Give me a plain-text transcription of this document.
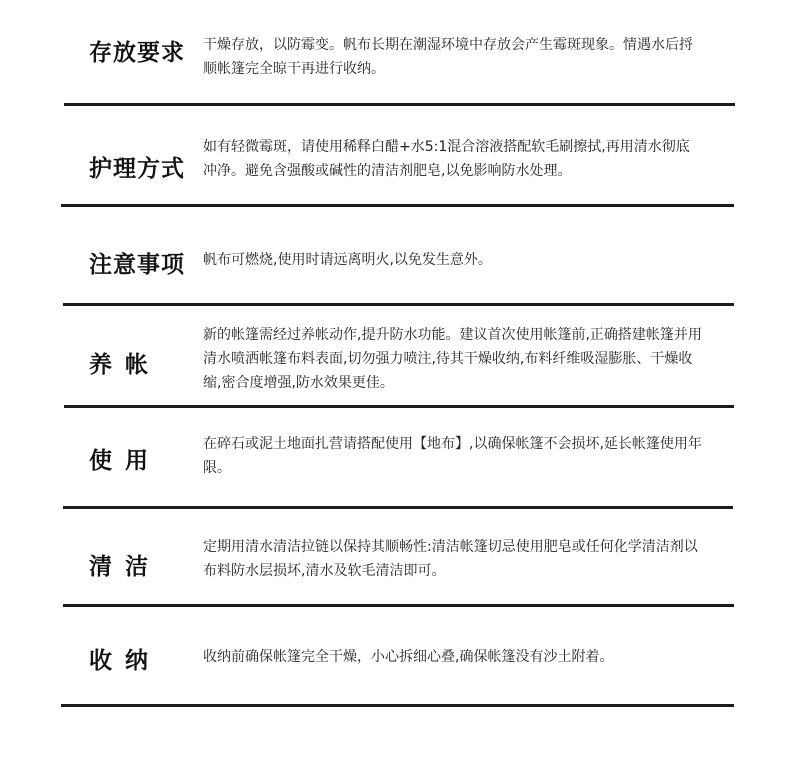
存放要求 干燥存放，以防霉变。帆布长期在潮湿环境中存放会产生霉斑现象。情遇水后捋顺帐篷完全晾干再进行收纳。
护理方式
如有轻微霉斑，请使用稀释白醋+水5:1混合溶液搭配软毛刷擦拭,再用清水彻底冲净。避免含强酸或碱性的清洁剂肥皂,以免影响防水处理。
注意事项 帆布可燃烧,使用时请远离明火,以免发生意外。
养帐
新的帐篷需经过养帐动作,提升防水功能。建议首次使用帐篷前,正确搭建帐篷并用清水喷洒帐篷布料表面,切勿强力喷注,待其干燥收纳,布料纤维吸湿膨胀、干燥收缩,密合度增强,防水效果更佳。
使用
在碎石或泥土地面扎营请搭配使用【地布】,以确保帐篷不会损坏,延长帐篷使用年限。
清洁
定期用清水清洁拉链以保持其顺畅性:清洁帐篷切忌使用肥皂或任何化学清洁剂以布料防水层损坏,清水及软毛清洁即可。
收纳	收纳前确保帐篷完全干燥，小心拆细心叠,确保帐篷没有沙土附着。
